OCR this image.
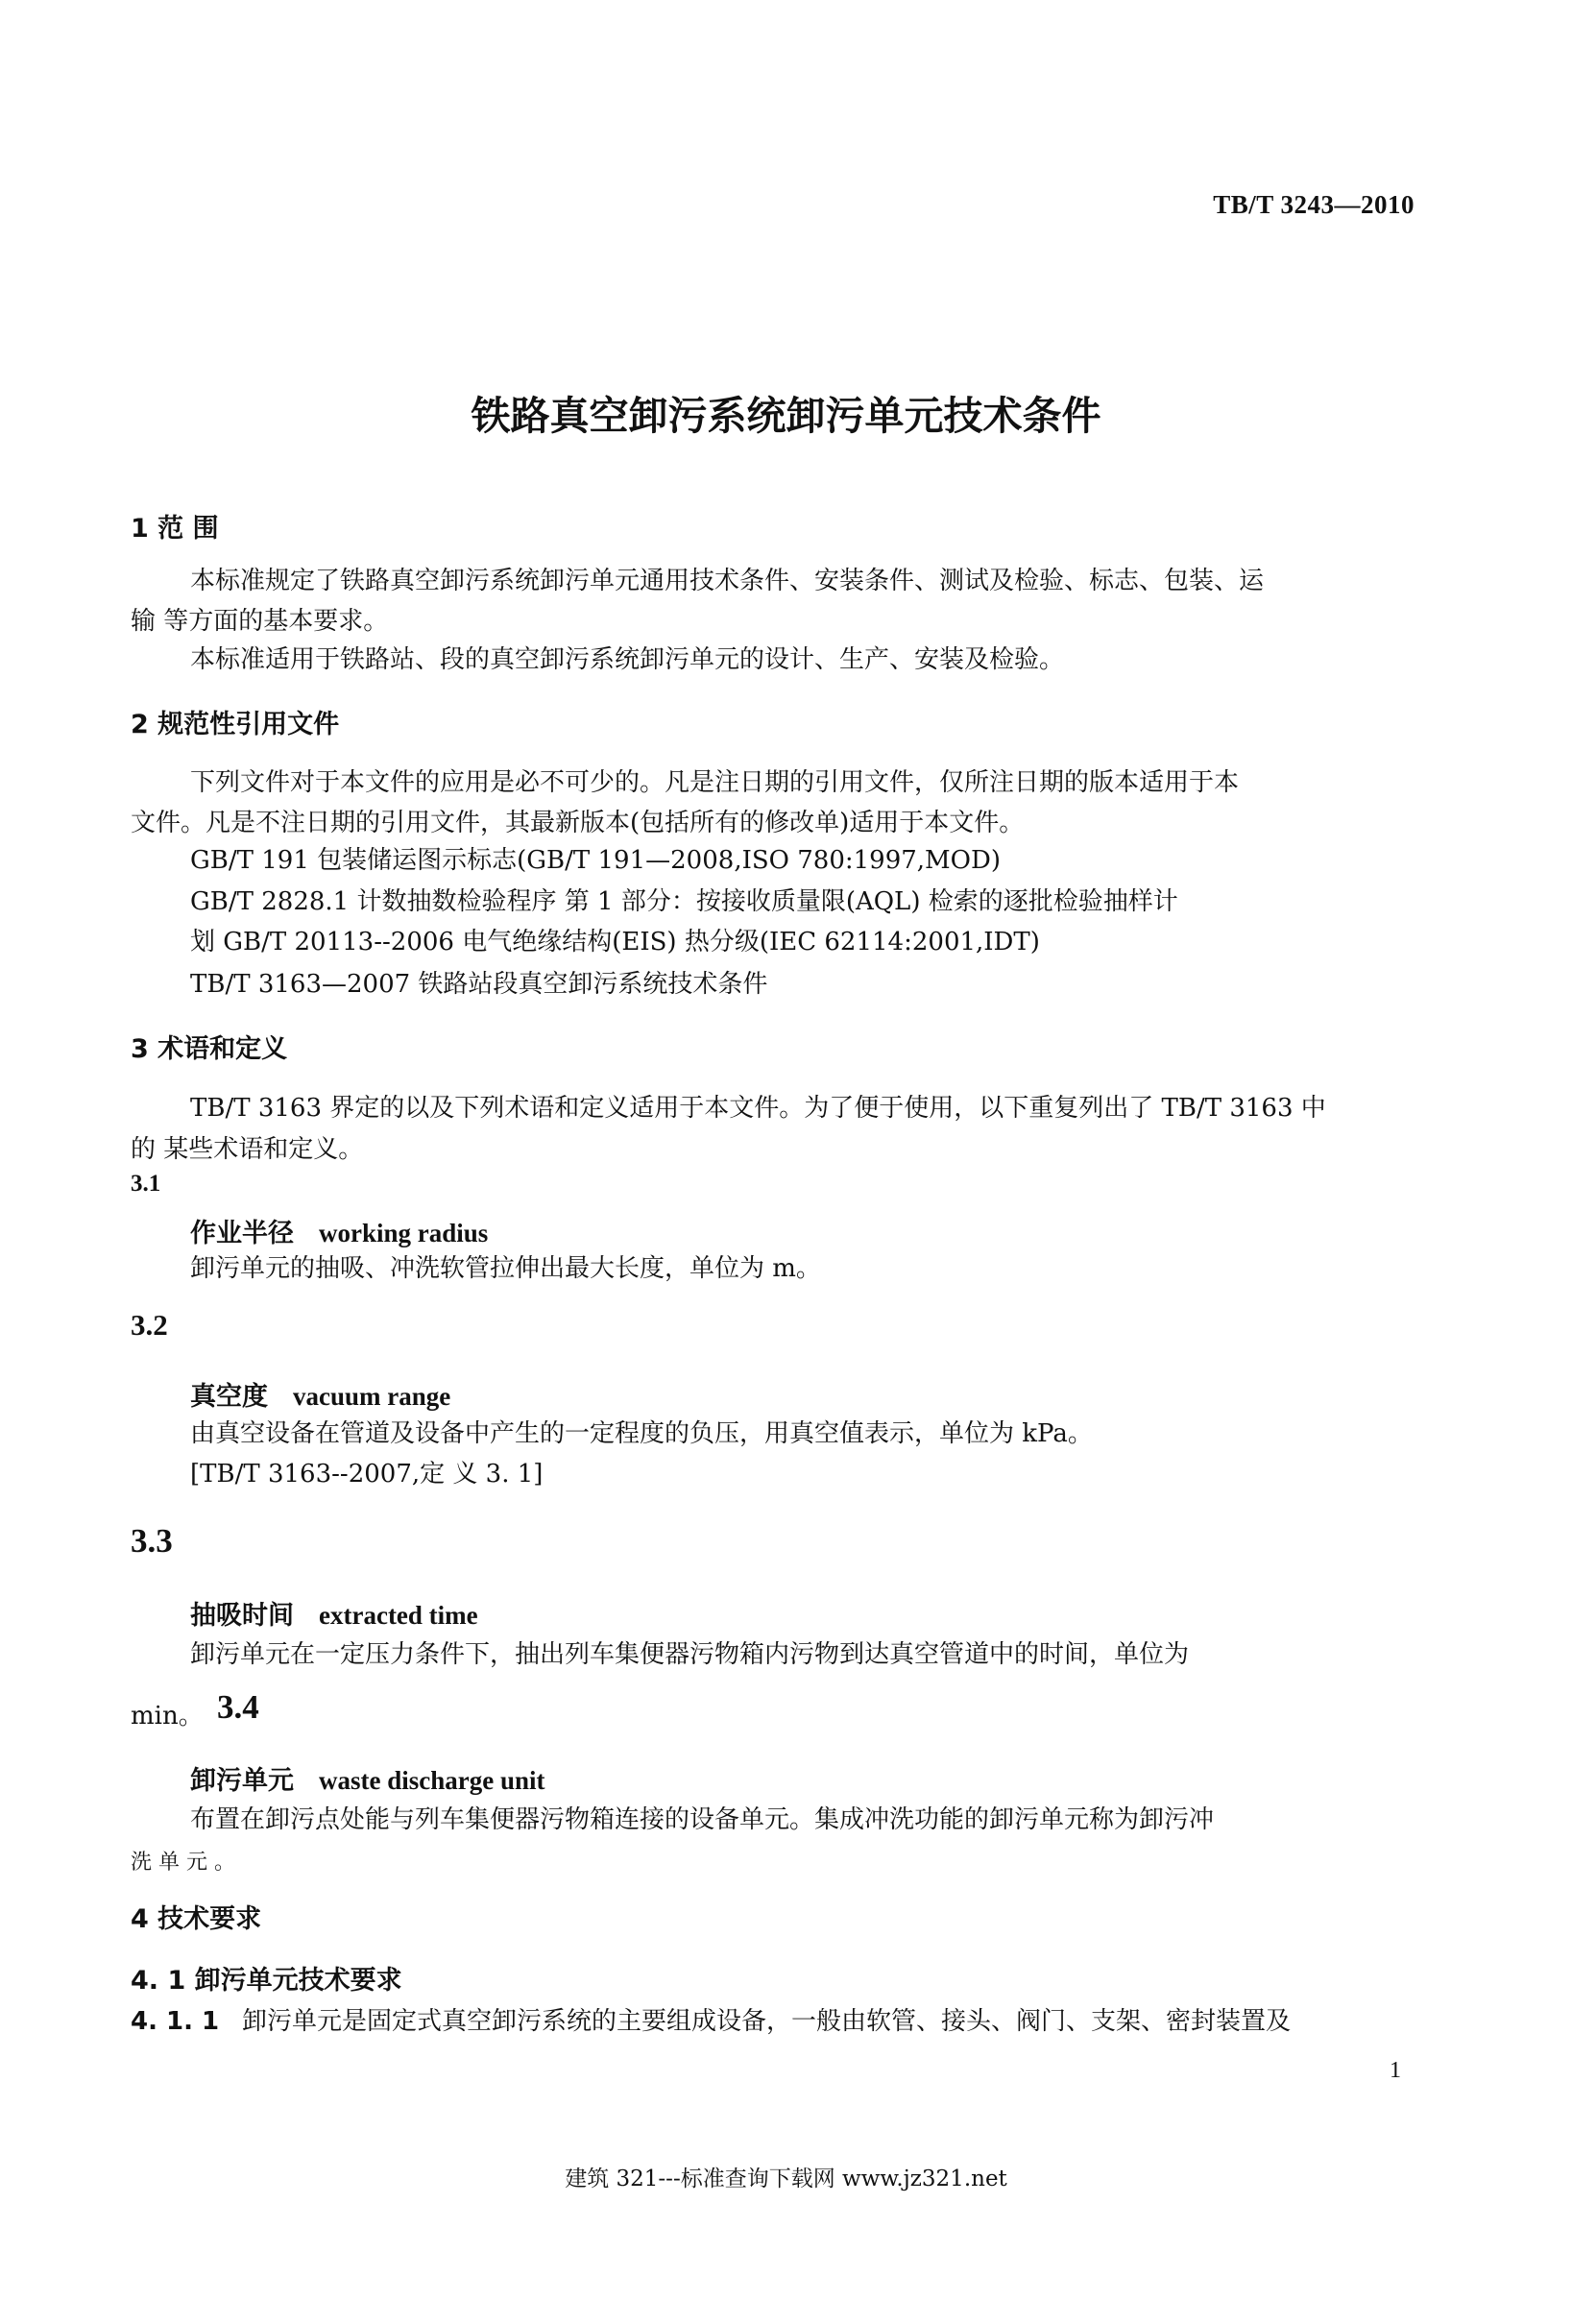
TB/T 3243—2010
铁路真空卸污系统卸污单元技术条件
1 范 围
本标准规定了铁路真空卸污系统卸污单元通用技术条件、安装条件、测试及检验、标志、包装、运
输 等方面的基本要求。
本标准适用于铁路站、段的真空卸污系统卸污单元的设计、生产、安装及检验。
2 规范性引用文件
下列文件对于本文件的应用是必不可少的。凡是注日期的引用文件，仅所注日期的版本适用于本
文件。凡是不注日期的引用文件，其最新版本(包括所有的修改单)适用于本文件。
GB/T 191 包装储运图示标志(GB/T 191—2008,ISO 780:1997,MOD)
GB/T 2828.1 计数抽数检验程序 第 1 部分：按接收质量限(AQL) 检索的逐批检验抽样计
划 GB/T 20113--2006 电气绝缘结构(EIS) 热分级(IEC 62114:2001,IDT)
TB/T 3163—2007 铁路站段真空卸污系统技术条件
3 术语和定义
TB/T 3163 界定的以及下列术语和定义适用于本文件。为了便于使用，以下重复列出了 TB/T 3163 中
的 某些术语和定义。
3.1
作业半径 working radius
卸污单元的抽吸、冲洗软管拉伸出最大长度，单位为 m。
3.2
真空度 vacuum range
由真空设备在管道及设备中产生的一定程度的负压，用真空值表示，单位为 kPa。
[TB/T 3163--2007,定 义 3. 1]
3.3
抽吸时间 extracted time
卸污单元在一定压力条件下，抽出列车集便器污物箱内污物到达真空管道中的时间，单位为
min。 3.4
卸污单元 waste discharge unit
布置在卸污点处能与列车集便器污物箱连接的设备单元。集成冲洗功能的卸污单元称为卸污冲
洗 单 元 。
4 技术要求
4. 1 卸污单元技术要求
4. 1. 1 卸污单元是固定式真空卸污系统的主要组成设备，一般由软管、接头、阀门、支架、密封装置及
1
建筑 321---标准查询下载网 www.jz321.net
